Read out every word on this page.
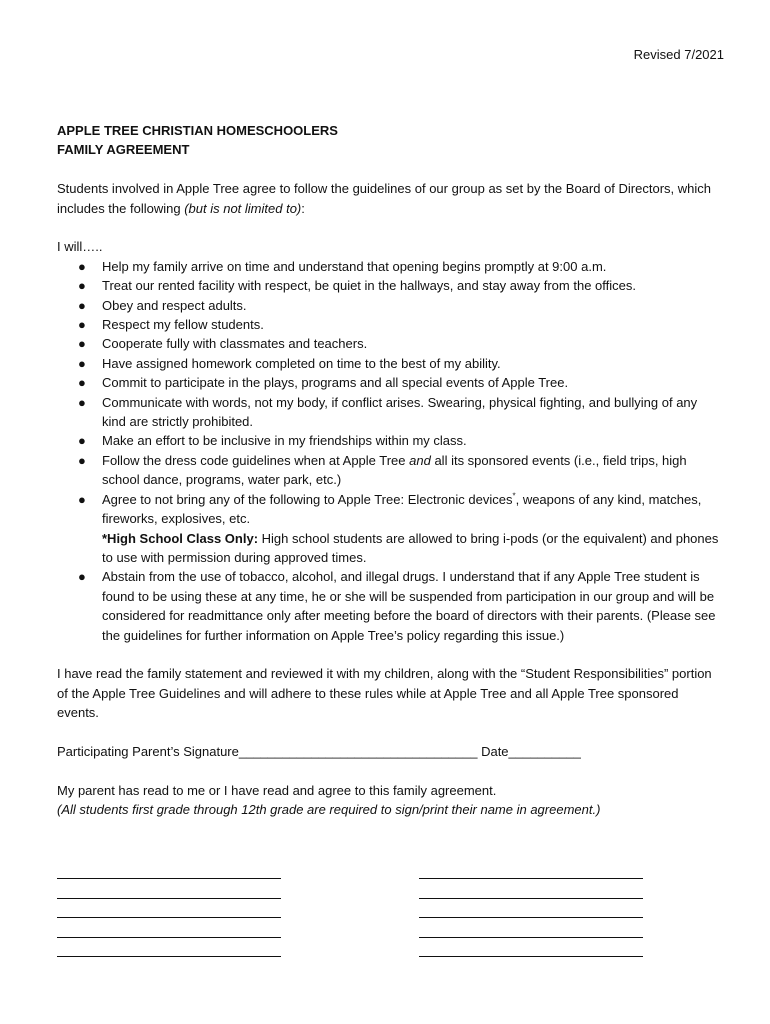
Revised 7/2021

APPLE TREE CHRISTIAN HOMESCHOOLERS

FAMILY AGREEMENT

Students involved in Apple Tree agree to follow the guidelines of our group as set by the Board of Directors, which includes the following (but is not limited to):

I will…..

● Help my family arrive on time and understand that opening begins promptly at 9:00 a.m.
● Treat our rented facility with respect, be quiet in the hallways, and stay away from the offices.
● Obey and respect adults.
● Respect my fellow students.
● Cooperate fully with classmates and teachers.
● Have assigned homework completed on time to the best of my ability.
● Commit to participate in the plays, programs and all special events of Apple Tree.
● Communicate with words, not my body, if conflict arises. Swearing, physical fighting, and bullying of any kind are strictly prohibited.
● Make an effort to be inclusive in my friendships within my class.
● Follow the dress code guidelines when at Apple Tree and all its sponsored events (i.e., field trips, high school dance, programs, water park, etc.)
● Agree to not bring any of the following to Apple Tree: Electronic devices*, weapons of any kind, matches, fireworks, explosives, etc.
*High School Class Only: High school students are allowed to bring i-pods (or the equivalent) and phones to use with permission during approved times.
● Abstain from the use of tobacco, alcohol, and illegal drugs. I understand that if any Apple Tree student is found to be using these at any time, he or she will be suspended from participation in our group and will be considered for readmittance only after meeting before the board of directors with their parents. (Please see the guidelines for further information on Apple Tree’s policy regarding this issue.)

I have read the family statement and reviewed it with my children, along with the “Student Responsibilities” portion of the Apple Tree Guidelines and will adhere to these rules while at Apple Tree and all Apple Tree sponsored events.

Participating Parent’s Signature_________________________________ Date__________

My parent has read to me or I have read and agree to this family agreement.

(All students first grade through 12th grade are required to sign/print their name in agreement.)
